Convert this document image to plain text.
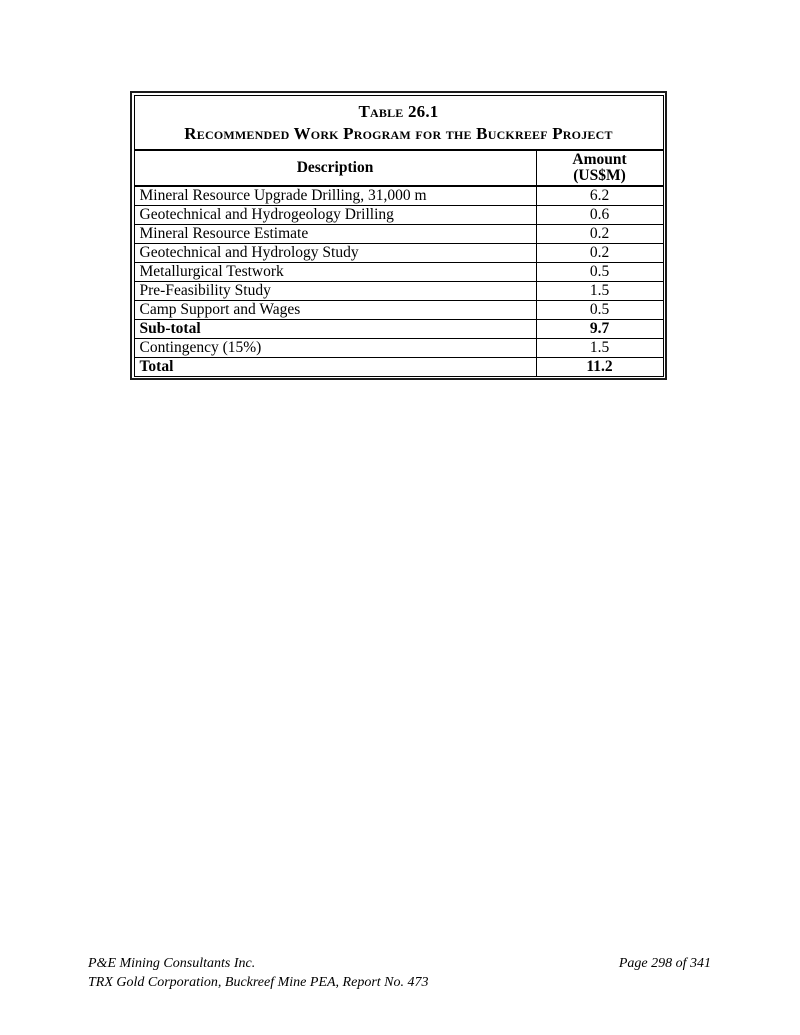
Table 26.1
Recommended Work Program for the Buckreef Project	

Description	Amount
(US$M)

Mineral Resource Upgrade Drilling, 31,000 m	6.2
Geotechnical and Hydrogeology Drilling	0.6
Mineral Resource Estimate	0.2
Geotechnical and Hydrology Study	0.2
Metallurgical Testwork	0.5
Pre-Feasibility Study	1.5
Camp Support and Wages	0.5
Sub-total	9.7
Contingency (15%)	1.5
Total	11.2
P&E Mining Consultants Inc.
TRX Gold Corporation, Buckreef Mine PEA, Report No. 473
Page 298 of 341
